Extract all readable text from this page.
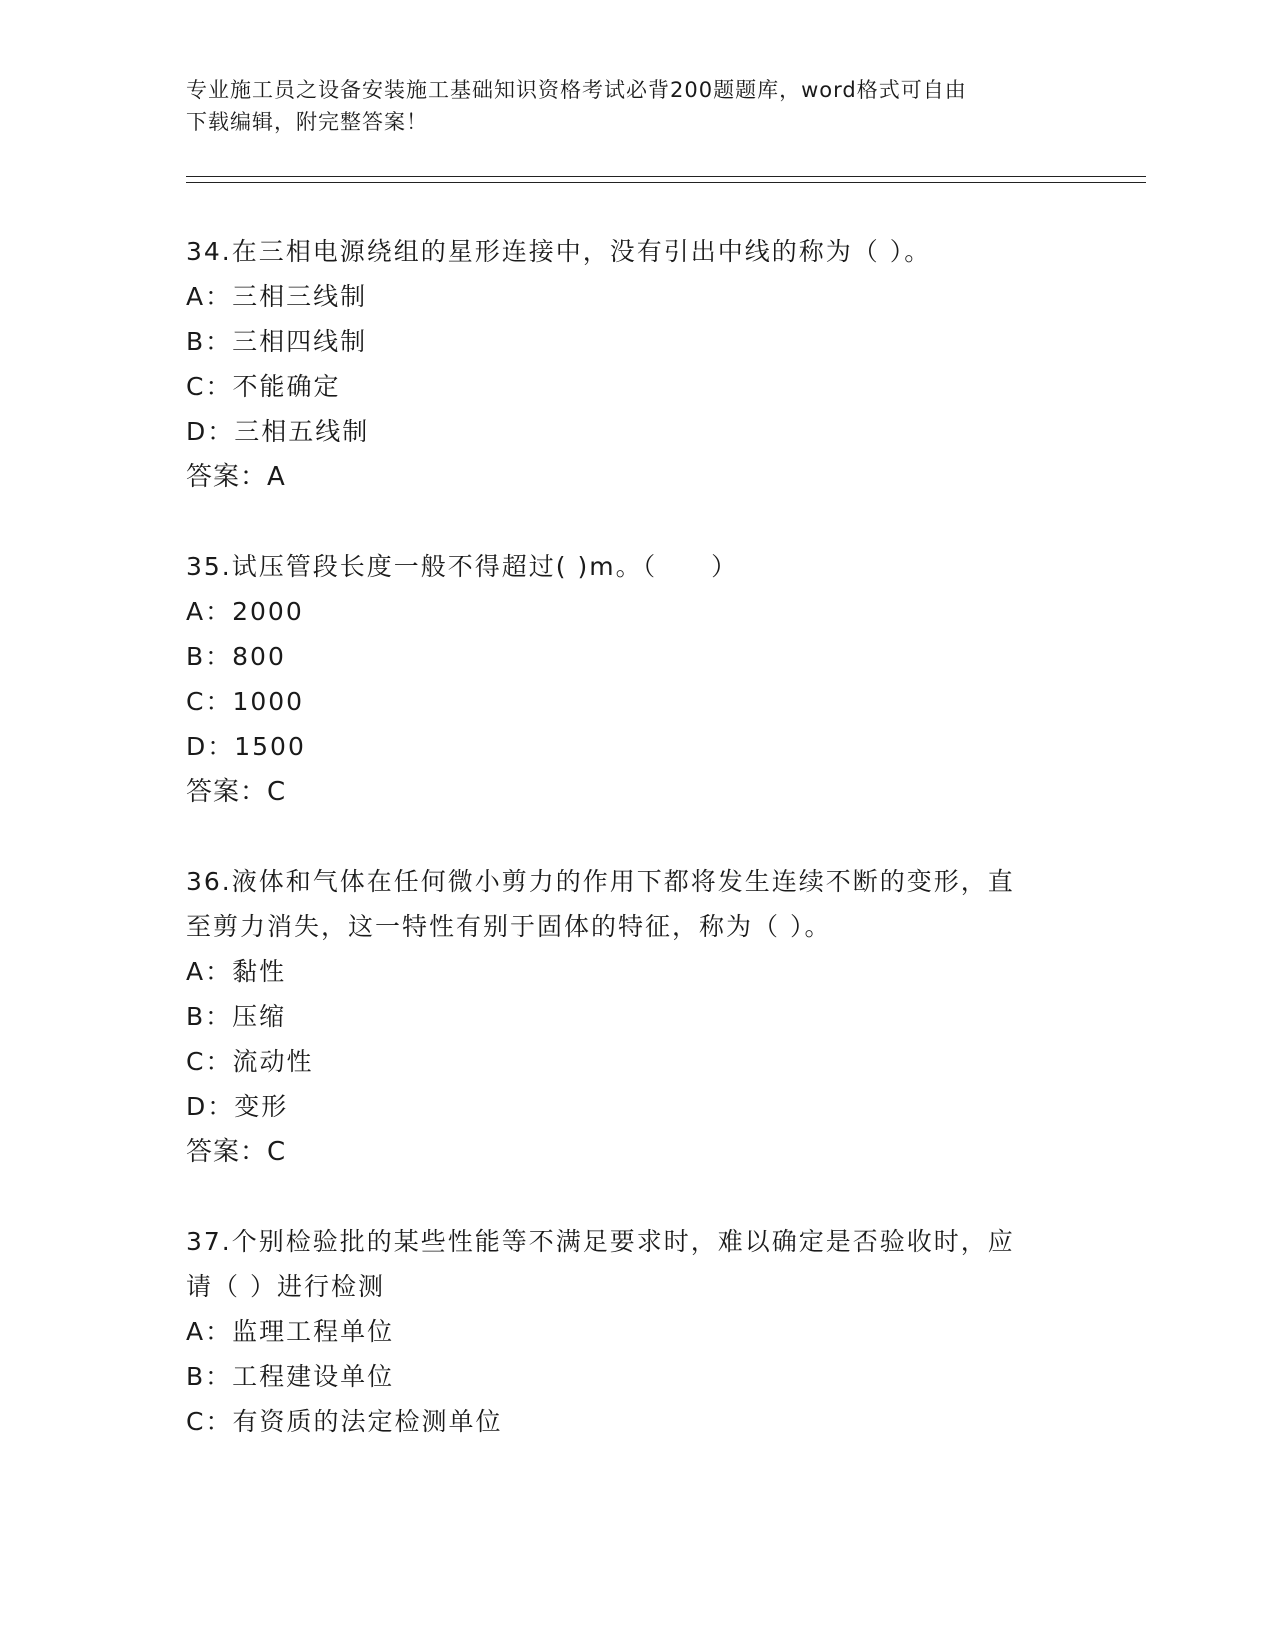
专业施工员之设备安装施工基础知识资格考试必背200题题库，word格式可自由
下载编辑，附完整答案！
34.在三相电源绕组的星形连接中，没有引出中线的称为（ ）。
A：三相三线制
B：三相四线制
C：不能确定
D：三相五线制
答案：A
35.试压管段长度一般不得超过( )m。（　　）
A：2000
B：800
C：1000
D：1500
答案：C
36.液体和气体在任何微小剪力的作用下都将发生连续不断的变形，直
至剪力消失，这一特性有别于固体的特征，称为（ ）。
A：黏性
B：压缩
C：流动性
D：变形
答案：C
37.个别检验批的某些性能等不满足要求时，难以确定是否验收时，应
请（ ）进行检测
A：监理工程单位
B：工程建设单位
C：有资质的法定检测单位
